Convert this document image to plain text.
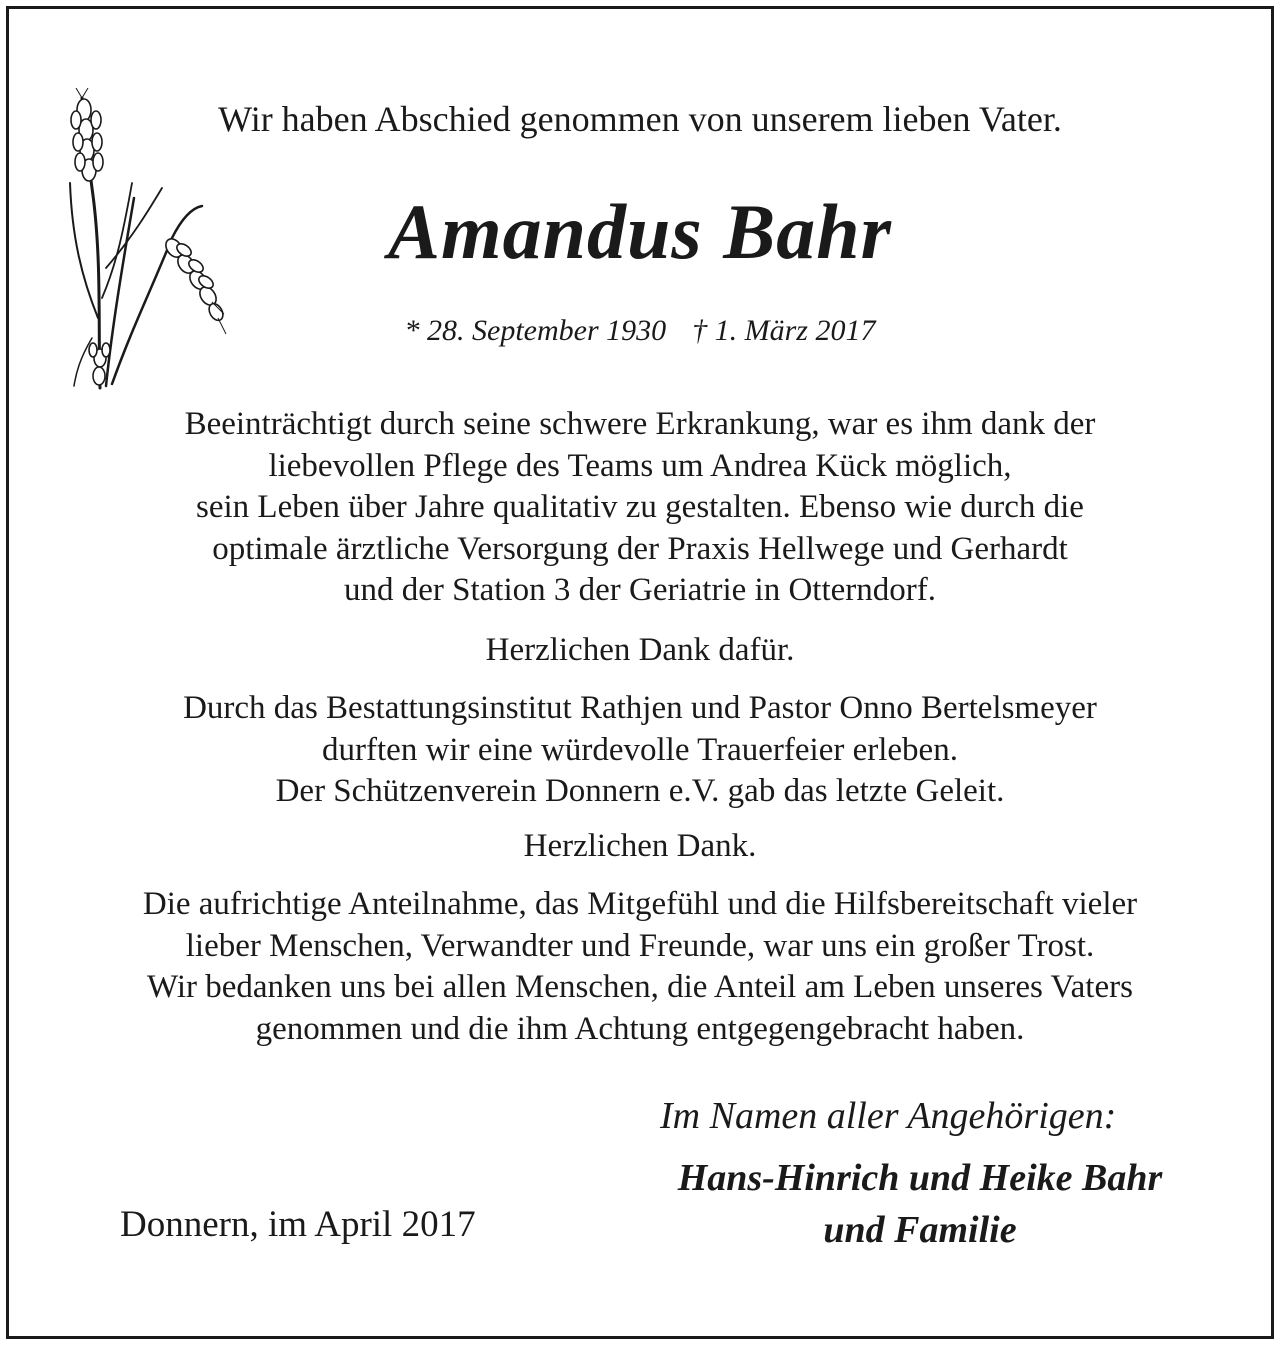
Wir haben Abschied genommen von unserem lieben Vater.
Amandus Bahr
* 28. September 1930 † 1. März 2017
Beeinträchtigt durch seine schwere Erkrankung, war es ihm dank der
liebevollen Pflege des Teams um Andrea Kück möglich,
sein Leben über Jahre qualitativ zu gestalten. Ebenso wie durch die
optimale ärztliche Versorgung der Praxis Hellwege und Gerhardt
und der Station 3 der Geriatrie in Otterndorf.
Herzlichen Dank dafür.
Durch das Bestattungsinstitut Rathjen und Pastor Onno Bertelsmeyer
durften wir eine würdevolle Trauerfeier erleben.
Der Schützenverein Donnern e.V. gab das letzte Geleit.
Herzlichen Dank.
Die aufrichtige Anteilnahme, das Mitgefühl und die Hilfsbereitschaft vieler
lieber Menschen, Verwandter und Freunde, war uns ein großer Trost.
Wir bedanken uns bei allen Menschen, die Anteil am Leben unseres Vaters
genommen und die ihm Achtung entgegengebracht haben.
Im Namen aller Angehörigen:
Hans-Hinrich und Heike Bahr
und Familie
Donnern, im April 2017
